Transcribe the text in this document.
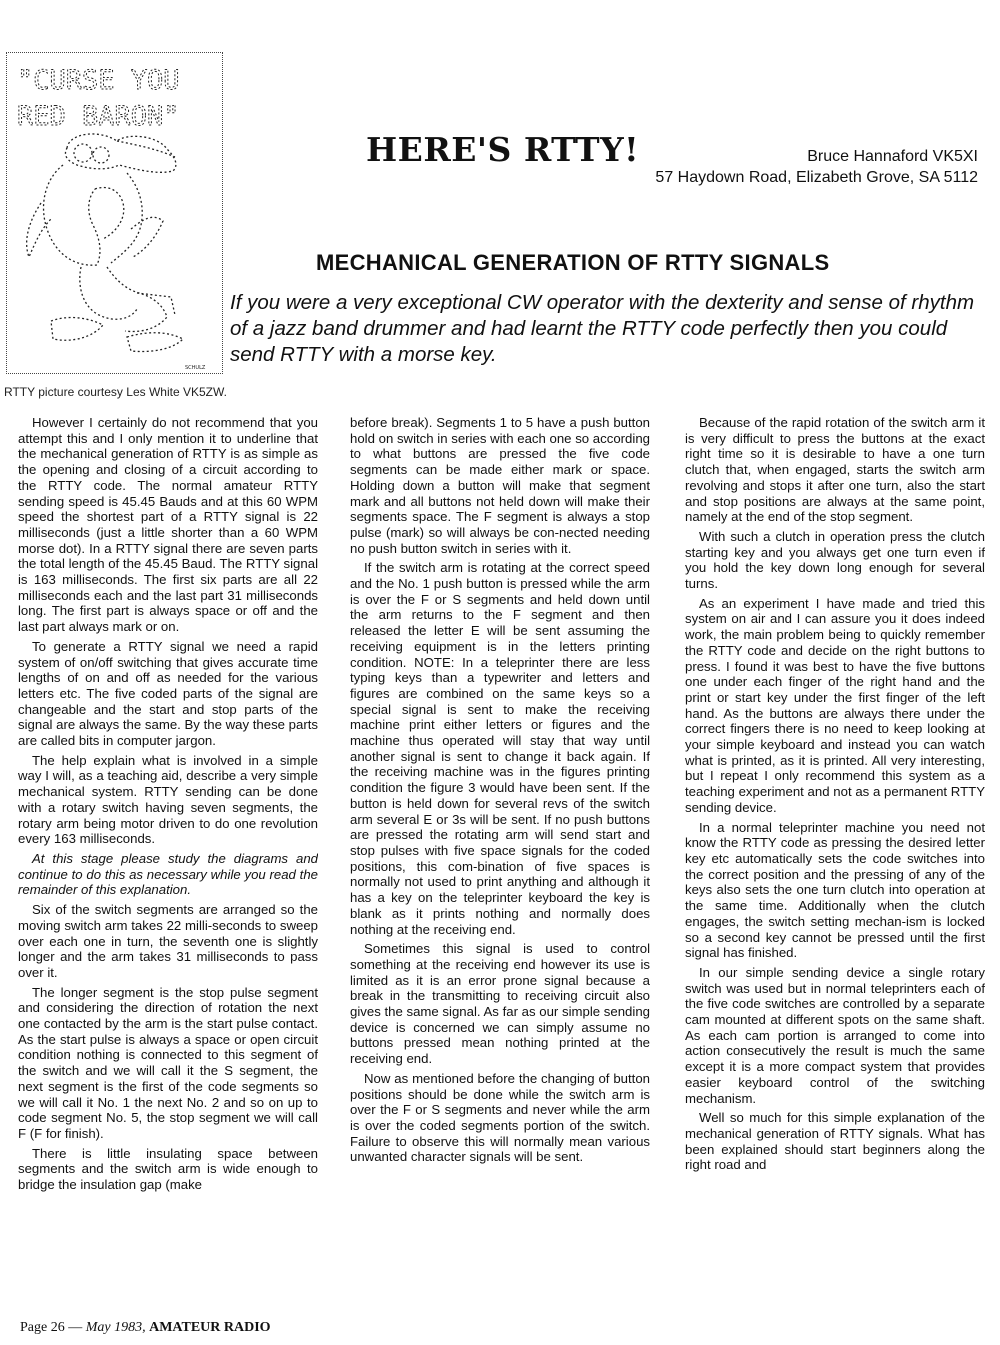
"CURSE YOU
RED BARON"
SCHULZ
RTTY picture courtesy Les White VK5ZW.
HERE'S RTTY!	Bruce Hannaford VK5XI
57 Haydown Road, Elizabeth Grove, SA 5112
MECHANICAL GENERATION OF RTTY SIGNALS
If you were a very exceptional CW operator with the dexterity and sense of rhythm of a jazz band drummer and had learnt the RTTY code perfectly then you could send RTTY with a morse key.

However I certainly do not recommend that you attempt this and I only mention it to underline that the mechanical generation of RTTY is as simple as the opening and closing of a circuit according to the RTTY code. The normal amateur RTTY sending speed is 45.45 Bauds and at this 60 WPM speed the shortest part of a RTTY signal is 22 milliseconds (just a little shorter than a 60 WPM morse dot). In a RTTY signal there are seven parts the total length of the 45.45 Baud. The RTTY signal is 163 milliseconds. The first six parts are all 22 milliseconds each and the last part 31 milliseconds long. The first part is always space or off and the last part always mark or on.

To generate a RTTY signal we need a rapid system of on/off switching that gives accurate time lengths of on and off as needed for the various letters etc. The five coded parts of the signal are changeable and the start and stop parts of the signal are always the same. By the way these parts are called bits in computer jargon.

The help explain what is involved in a simple way I will, as a teaching aid, describe a very simple mechanical system. RTTY sending can be done with a rotary switch having seven segments, the rotary arm being motor driven to do one revolution every 163 milliseconds.

At this stage please study the diagrams and continue to do this as necessary while you read the remainder of this explanation.

Six of the switch segments are arranged so the moving switch arm takes 22 milli-seconds to sweep over each one in turn, the seventh one is slightly longer and the arm takes 31 milliseconds to pass over it.

The longer segment is the stop pulse segment and considering the direction of rotation the next one contacted by the arm is the start pulse contact. As the start pulse is always a space or open circuit condition nothing is connected to this segment of the switch and we will call it the S segment, the next segment is the first of the code segments so we will call it No. 1 the next No. 2 and so on up to code segment No. 5, the stop segment we will call F (F for finish).

There is little insulating space between segments and the switch arm is wide enough to bridge the insulation gap (make

before break). Segments 1 to 5 have a push button hold on switch in series with each one so according to what buttons are pressed the five code segments can be made either mark or space. Holding down a button will make that segment mark and all buttons not held down will make their segments space. The F segment is always a stop pulse (mark) so will always be con-nected needing no push button switch in series with it.

If the switch arm is rotating at the correct speed and the No. 1 push button is pressed while the arm is over the F or S segments and held down until the arm returns to the F segment and then released the letter E will be sent assuming the receiving equipment is in the letters printing condition. NOTE: In a teleprinter there are less typing keys than a typewriter and letters and figures are combined on the same keys so a special signal is sent to make the receiving machine print either letters or figures and the machine thus operated will stay that way until another signal is sent to change it back again. If the receiving machine was in the figures printing condition the figure 3 would have been sent. If the button is held down for several revs of the switch arm several E or 3s will be sent. If no push buttons are pressed the rotating arm will send start and stop pulses with five space signals for the coded positions, this com-bination of five spaces is normally not used to print anything and although it has a key on the teleprinter keyboard the key is blank as it prints nothing and normally does nothing at the receiving end.

Sometimes this signal is used to control something at the receiving end however its use is limited as it is an error prone signal because a break in the transmitting to receiving circuit also gives the same signal. As far as our simple sending device is concerned we can simply assume no buttons pressed mean nothing printed at the receiving end.

Now as mentioned before the changing of button positions should be done while the switch arm is over the F or S segments and never while the arm is over the coded segments portion of the switch. Failure to observe this will normally mean various unwanted character signals will be sent.

Because of the rapid rotation of the switch arm it is very difficult to press the buttons at the exact right time so it is desirable to have a one turn clutch that, when engaged, starts the switch arm revolving and stops it after one turn, also the start and stop positions are always at the same point, namely at the end of the stop segment.

With such a clutch in operation press the clutch starting key and you always get one turn even if you hold the key down long enough for several turns.

As an experiment I have made and tried this system on air and I can assure you it does indeed work, the main problem being to quickly remember the RTTY code and decide on the right buttons to press. I found it was best to have the five buttons one under each finger of the right hand and the print or start key under the first finger of the left hand. As the buttons are always there under the correct fingers there is no need to keep looking at your simple keyboard and instead you can watch what is printed, as it is printed. All very interesting, but I repeat I only recommend this system as a teaching experiment and not as a permanent RTTY sending device.

In a normal teleprinter machine you need not know the RTTY code as pressing the desired letter key etc automatically sets the code switches into the correct position and the pressing of any of the keys also sets the one turn clutch into operation at the same time. Additionally when the clutch engages, the switch setting mechan-ism is locked so a second key cannot be pressed until the first signal has finished.

In our simple sending device a single rotary switch was used but in normal teleprinters each of the five code switches are controlled by a separate cam mounted at different spots on the same shaft. As each cam portion is arranged to come into action consecutively the result is much the same except it is a more compact system that provides easier keyboard control of the switching mechanism.

Well so much for this simple explanation of the mechanical generation of RTTY signals. What has been explained should start beginners along the right road and

Page 26 — May 1983, AMATEUR RADIO
